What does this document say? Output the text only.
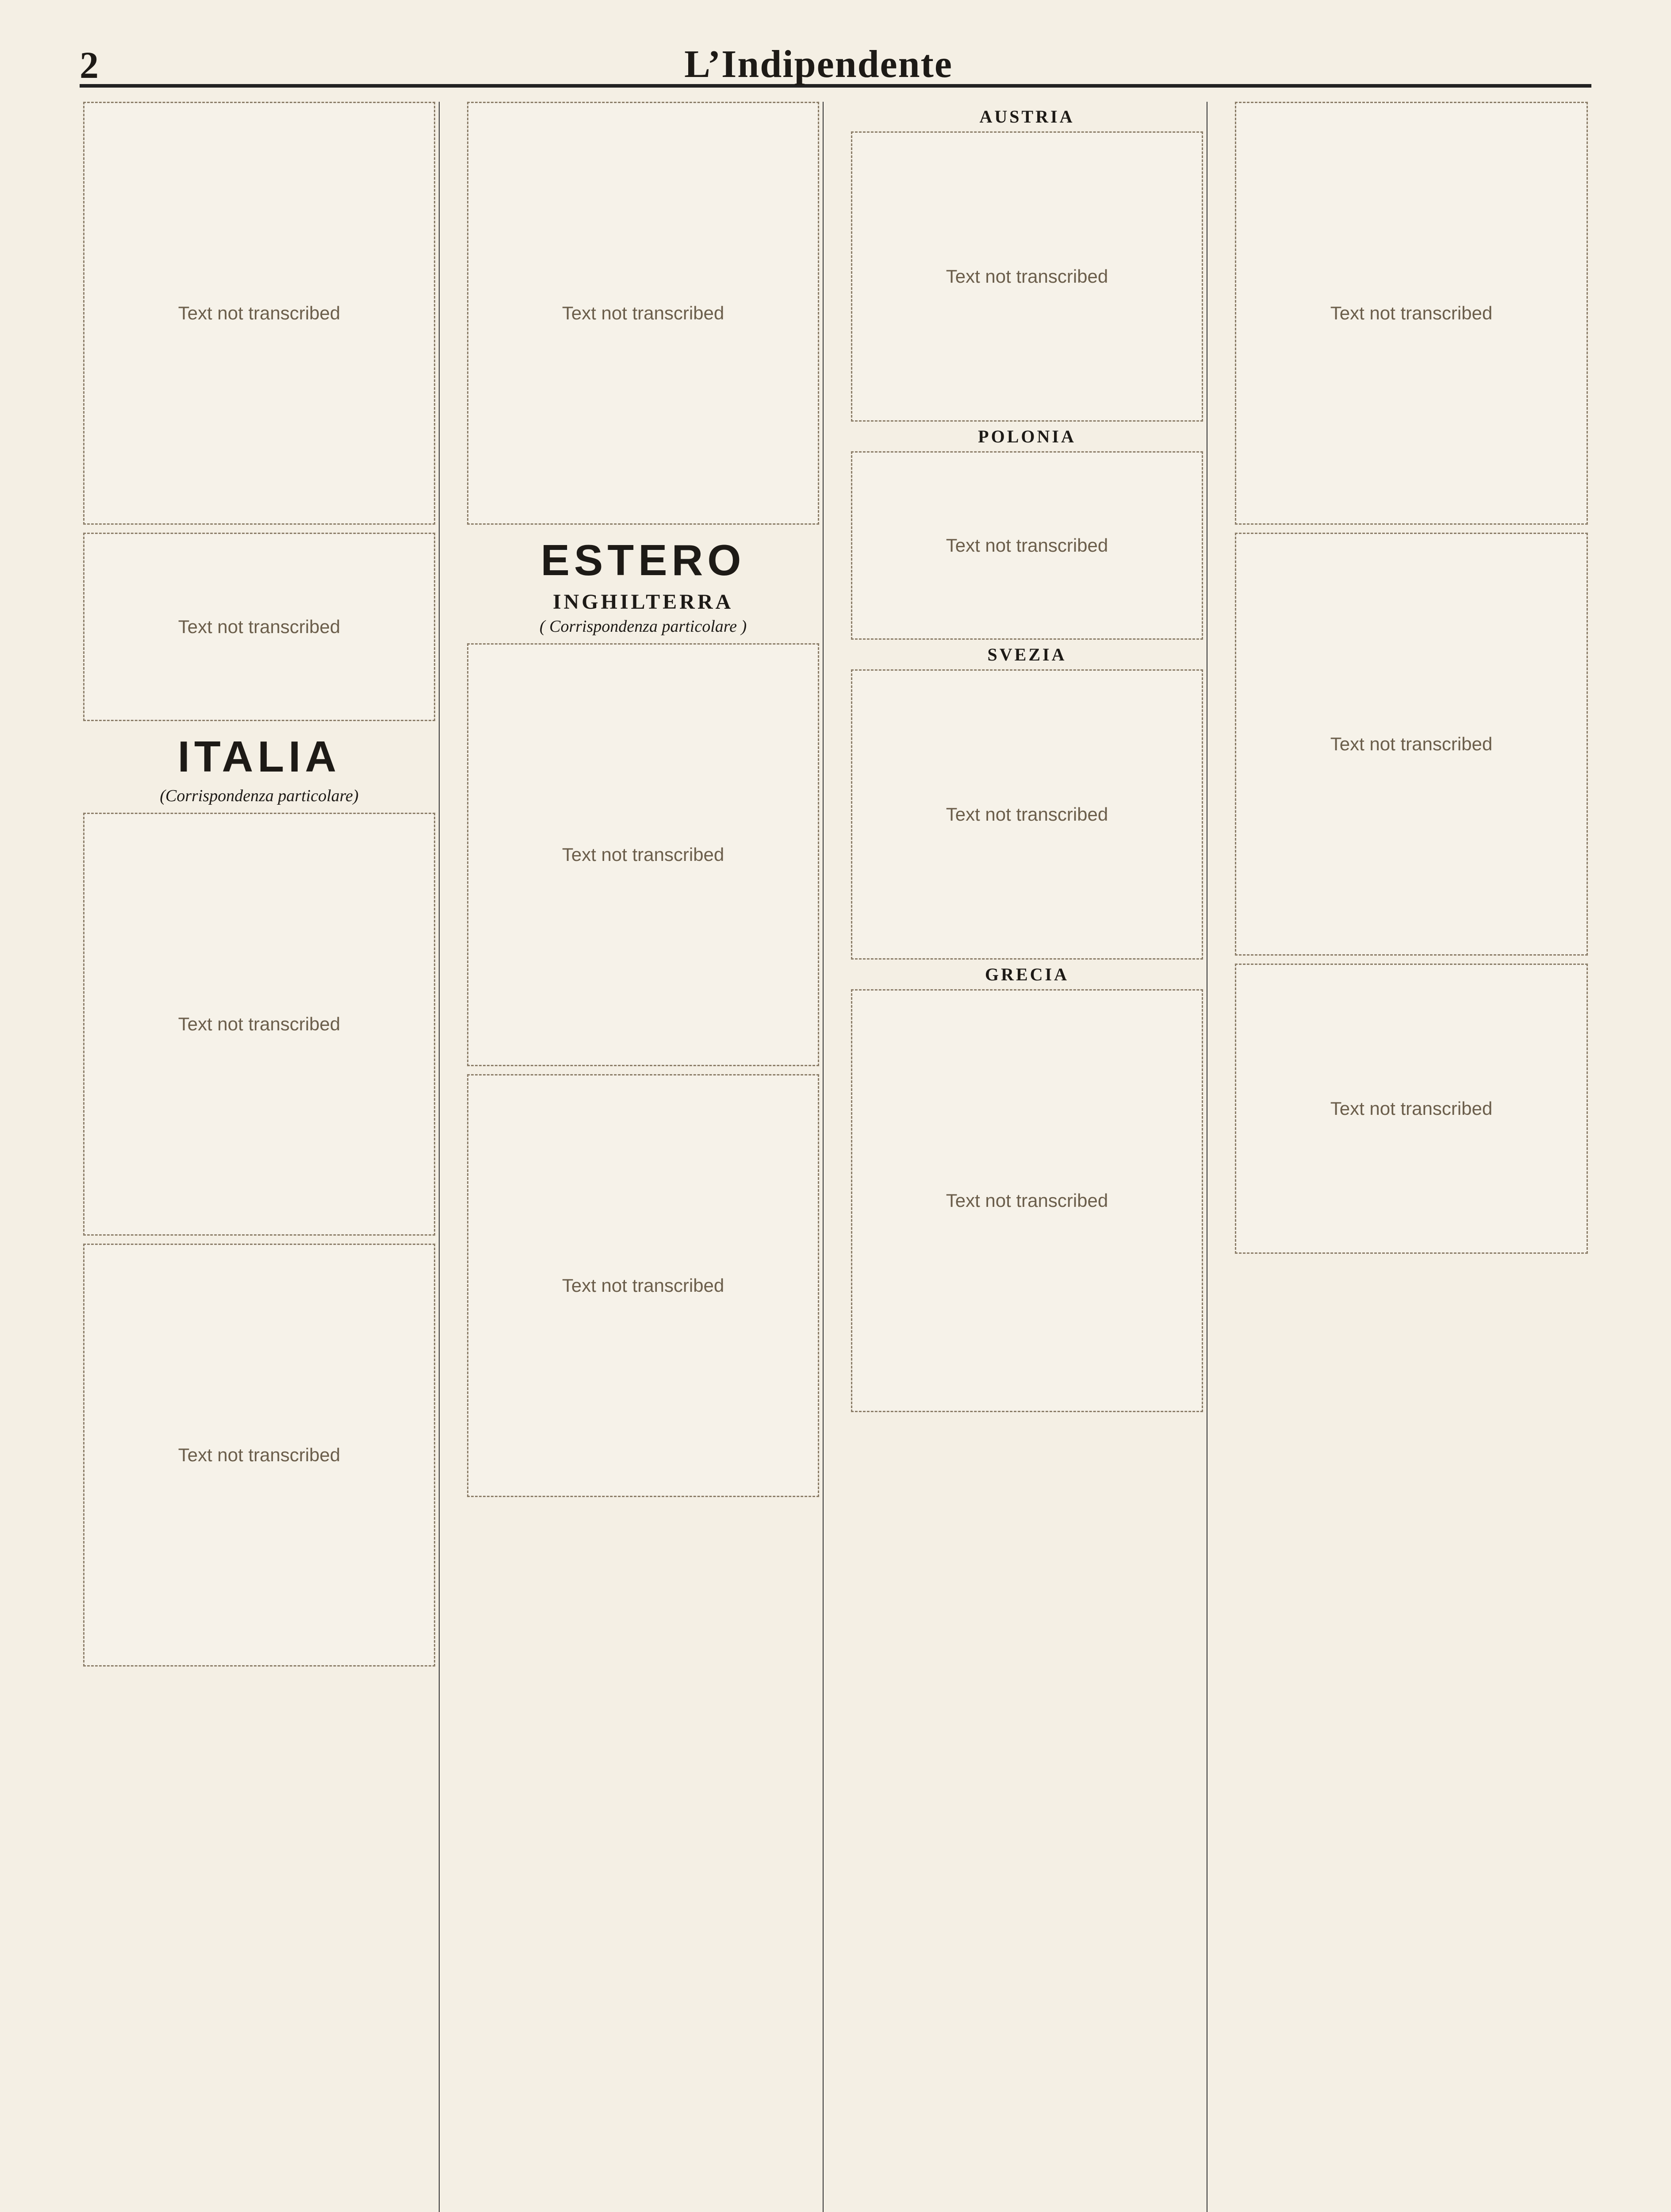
2	L’Indipendente
Text not transcribed
Text not transcribed
ITALIA
(Corrispondenza particolare)
Text not transcribed
Text not transcribed
Text not transcribed
ESTERO
INGHILTERRA
( Corrispondenza particolare )
Text not transcribed
Text not transcribed
AUSTRIA
Text not transcribed
POLONIA
Text not transcribed
SVEZIA
Text not transcribed
GRECIA
Text not transcribed
Text not transcribed
Text not transcribed
Text not transcribed
